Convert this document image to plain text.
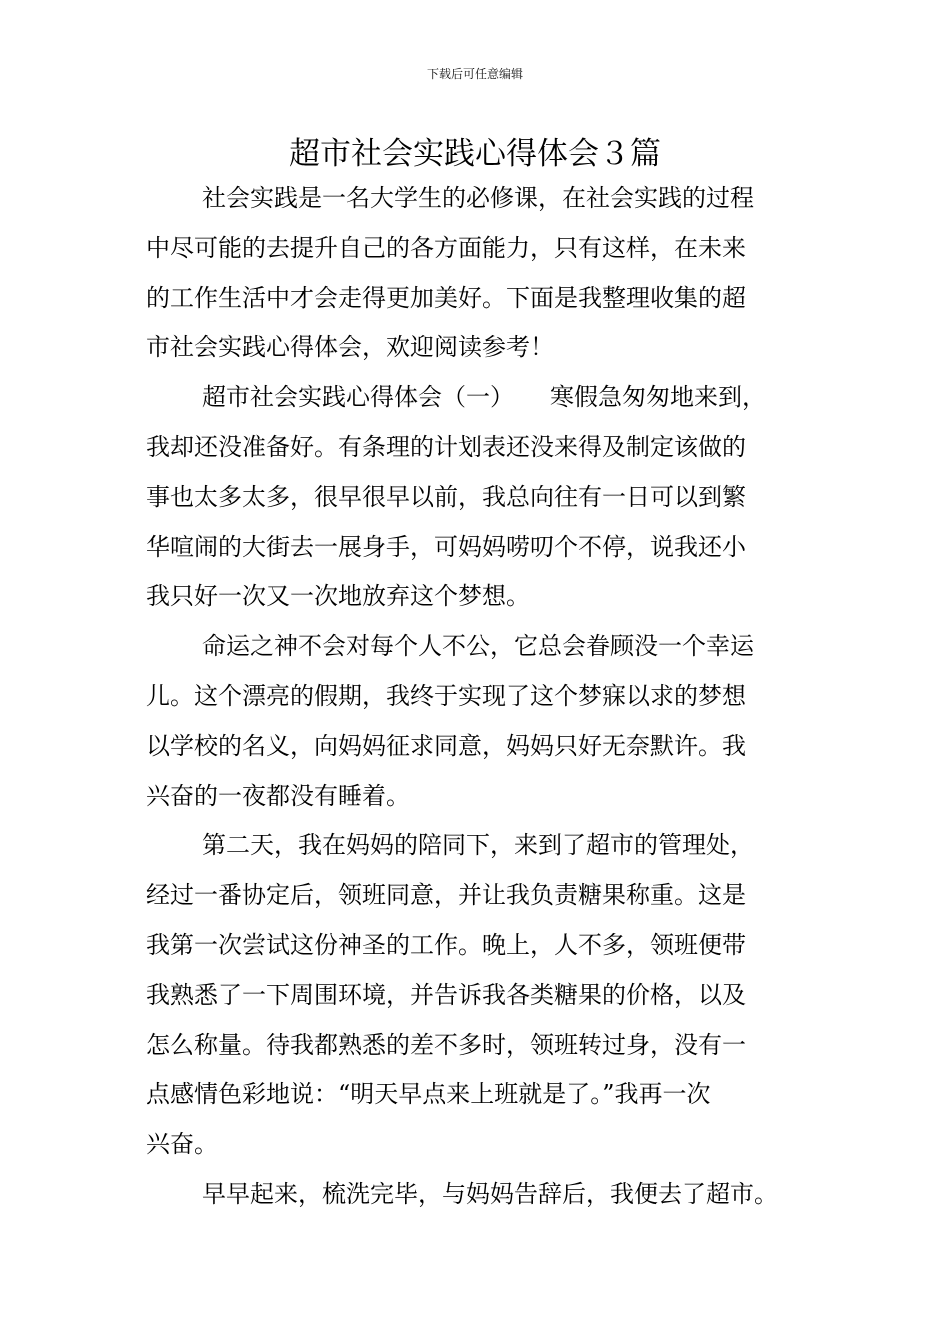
下载后可任意编辑
超市社会实践心得体会３篇
社会实践是一名大学生的必修课，在社会实践的过程
中尽可能的去提升自己的各方面能力，只有这样，在未来
的工作生活中才会走得更加美好。下面是我整理收集的超
市社会实践心得体会，欢迎阅读参考！
超市社会实践心得体会（一）　　寒假急匆匆地来到，
我却还没准备好。有条理的计划表还没来得及制定该做的
事也太多太多，很早很早以前，我总向往有一日可以到繁
华喧闹的大街去一展身手，可妈妈唠叨个不停，说我还小
我只好一次又一次地放弃这个梦想。
命运之神不会对每个人不公，它总会眷顾没一个幸运
儿。这个漂亮的假期，我终于实现了这个梦寐以求的梦想
以学校的名义，向妈妈征求同意，妈妈只好无奈默许。我
兴奋的一夜都没有睡着。
第二天，我在妈妈的陪同下，来到了超市的管理处，
经过一番协定后，领班同意，并让我负责糖果称重。这是
我第一次尝试这份神圣的工作。晚上，人不多，领班便带
我熟悉了一下周围环境，并告诉我各类糖果的价格，以及
怎么称量。待我都熟悉的差不多时，领班转过身，没有一
点感情色彩地说：“明天早点来上班就是了。”我再一次
兴奋。
早早起来，梳洗完毕，与妈妈告辞后，我便去了超市。
